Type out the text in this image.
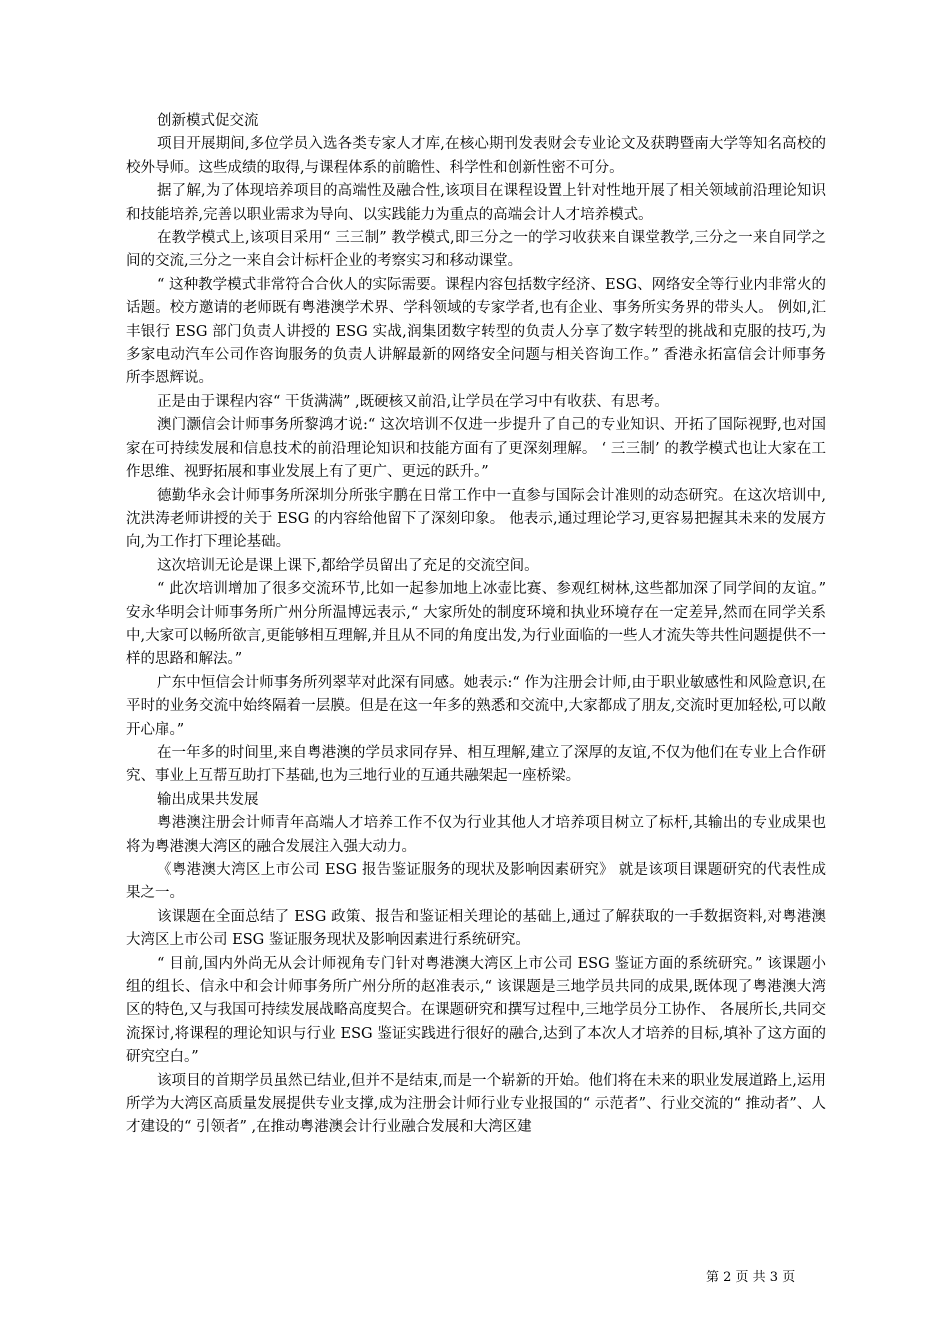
创新模式促交流

项目开展期间,多位学员入选各类专家人才库,在核心期刊发表财会专业论文及获聘暨南大学等知名高校的校外导师。这些成绩的取得,与课程体系的前瞻性、科学性和创新性密不可分。

据了解,为了体现培养项目的高端性及融合性,该项目在课程设置上针对性地开展了相关领域前沿理论知识和技能培养,完善以职业需求为导向、以实践能力为重点的高端会计人才培养模式。

在教学模式上,该项目采用“ 三三制” 教学模式,即三分之一的学习收获来自课堂教学,三分之一来自同学之间的交流,三分之一来自会计标杆企业的考察实习和移动课堂。

“ 这种教学模式非常符合合伙人的实际需要。课程内容包括数字经济、ESG、网络安全等行业内非常火的话题。校方邀请的老师既有粤港澳学术界、学科领域的专家学者,也有企业、事务所实务界的带头人。 例如,汇丰银行 ESG 部门负责人讲授的 ESG 实战,润集团数字转型的负责人分享了数字转型的挑战和克服的技巧,为多家电动汽车公司作咨询服务的负责人讲解最新的网络安全问题与相关咨询工作。” 香港永拓富信会计师事务所李恩辉说。

正是由于课程内容“ 干货满满” ,既硬核又前沿,让学员在学习中有收获、有思考。

澳门灏信会计师事务所黎鸿才说:“ 这次培训不仅进一步提升了自己的专业知识、开拓了国际视野,也对国家在可持续发展和信息技术的前沿理论知识和技能方面有了更深刻理解。 ‘ 三三制’ 的教学模式也让大家在工作思维、视野拓展和事业发展上有了更广、更远的跃升。”

德勤华永会计师事务所深圳分所张宇鹏在日常工作中一直参与国际会计准则的动态研究。在这次培训中,沈洪涛老师讲授的关于 ESG 的内容给他留下了深刻印象。 他表示,通过理论学习,更容易把握其未来的发展方向,为工作打下理论基础。

这次培训无论是课上课下,都给学员留出了充足的交流空间。

“ 此次培训增加了很多交流环节,比如一起参加地上冰壶比赛、参观红树林,这些都加深了同学间的友谊。” 安永华明会计师事务所广州分所温博远表示,“ 大家所处的制度环境和执业环境存在一定差异,然而在同学关系中,大家可以畅所欲言,更能够相互理解,并且从不同的角度出发,为行业面临的一些人才流失等共性问题提供不一样的思路和解法。”

广东中恒信会计师事务所列翠苹对此深有同感。她表示:“ 作为注册会计师,由于职业敏感性和风险意识,在平时的业务交流中始终隔着一层膜。但是在这一年多的熟悉和交流中,大家都成了朋友,交流时更加轻松,可以敞开心扉。”

在一年多的时间里,来自粤港澳的学员求同存异、相互理解,建立了深厚的友谊,不仅为他们在专业上合作研究、事业上互帮互助打下基础,也为三地行业的互通共融架起一座桥梁。

输出成果共发展

粤港澳注册会计师青年高端人才培养工作不仅为行业其他人才培养项目树立了标杆,其输出的专业成果也将为粤港澳大湾区的融合发展注入强大动力。

《粤港澳大湾区上市公司 ESG 报告鉴证服务的现状及影响因素研究》 就是该项目课题研究的代表性成果之一。

该课题在全面总结了 ESG 政策、报告和鉴证相关理论的基础上,通过了解获取的一手数据资料,对粤港澳大湾区上市公司 ESG 鉴证服务现状及影响因素进行系统研究。

“ 目前,国内外尚无从会计师视角专门针对粤港澳大湾区上市公司 ESG 鉴证方面的系统研究。” 该课题小组的组长、信永中和会计师事务所广州分所的赵准表示,“ 该课题是三地学员共同的成果,既体现了粤港澳大湾区的特色,又与我国可持续发展战略高度契合。在课题研究和撰写过程中,三地学员分工协作、 各展所长,共同交流探讨,将课程的理论知识与行业 ESG 鉴证实践进行很好的融合,达到了本次人才培养的目标,填补了这方面的研究空白。”

该项目的首期学员虽然已结业,但并不是结束,而是一个崭新的开始。他们将在未来的职业发展道路上,运用所学为大湾区高质量发展提供专业支撑,成为注册会计师行业专业报国的“ 示范者”、行业交流的“ 推动者”、人才建设的“ 引领者” ,在推动粤港澳会计行业融合发展和大湾区建

第 2 页 共 3 页
